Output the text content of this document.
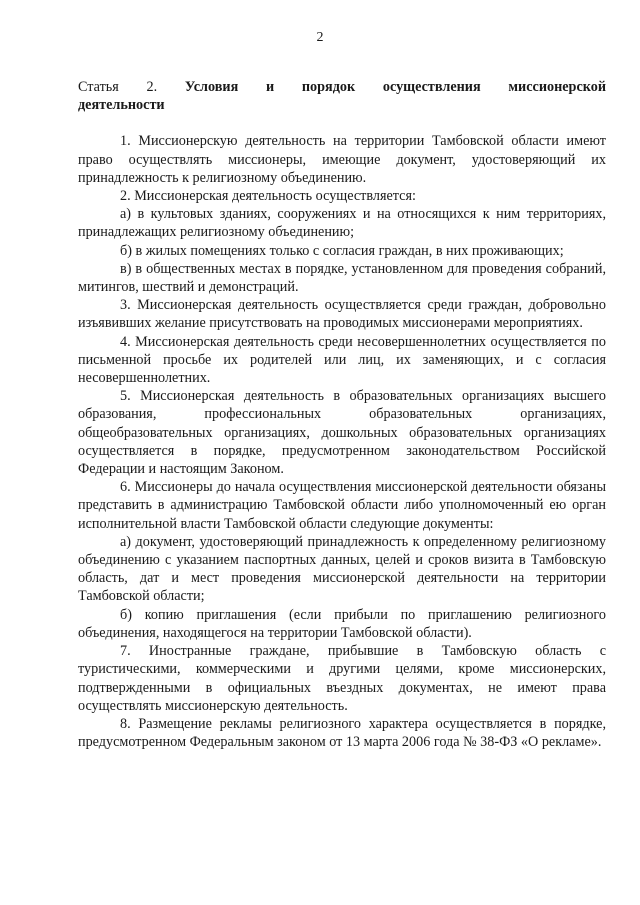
2
Статья 2. Условия и порядок осуществления миссионерской
деятельности

1. Миссионерскую деятельность на территории Тамбовской области имеют право осуществлять миссионеры, имеющие документ, удостоверяющий их принадлежность к религиозному объединению.

2. Миссионерская деятельность осуществляется:

а) в культовых зданиях, сооружениях и на относящихся к ним территориях, принадлежащих религиозному объединению;

б) в жилых помещениях только с согласия граждан, в них проживающих;

в) в общественных местах в порядке, установленном для проведения собраний, митингов, шествий и демонстраций.

3. Миссионерская деятельность осуществляется среди граждан, добровольно изъявивших желание присутствовать на проводимых миссионерами мероприятиях.

4. Миссионерская деятельность среди несовершеннолетних осуществляется по письменной просьбе их родителей или лиц, их заменяющих, и с согласия несовершеннолетних.

5. Миссионерская деятельность в образовательных организациях высшего образования, профессиональных образовательных организациях, общеобразовательных организациях, дошкольных образовательных организациях осуществляется в порядке, предусмотренном законодательством Российской Федерации и настоящим Законом.

6. Миссионеры до начала осуществления миссионерской деятельности обязаны представить в администрацию Тамбовской области либо уполномоченный ею орган исполнительной власти Тамбовской области следующие документы:

а) документ, удостоверяющий принадлежность к определенному религиозному объединению с указанием паспортных данных, целей и сроков визита в Тамбовскую область, дат и мест проведения миссионерской деятельности на территории Тамбовской области;

б) копию приглашения (если прибыли по приглашению религиозного объединения, находящегося на территории Тамбовской области).

7. Иностранные граждане, прибывшие в Тамбовскую область с туристическими, коммерческими и другими целями, кроме миссионерских, подтвержденными в официальных въездных документах, не имеют права осуществлять миссионерскую деятельность.

8. Размещение рекламы религиозного характера осуществляется в порядке, предусмотренном Федеральным законом от 13 марта 2006 года № 38-ФЗ «О рекламе».
